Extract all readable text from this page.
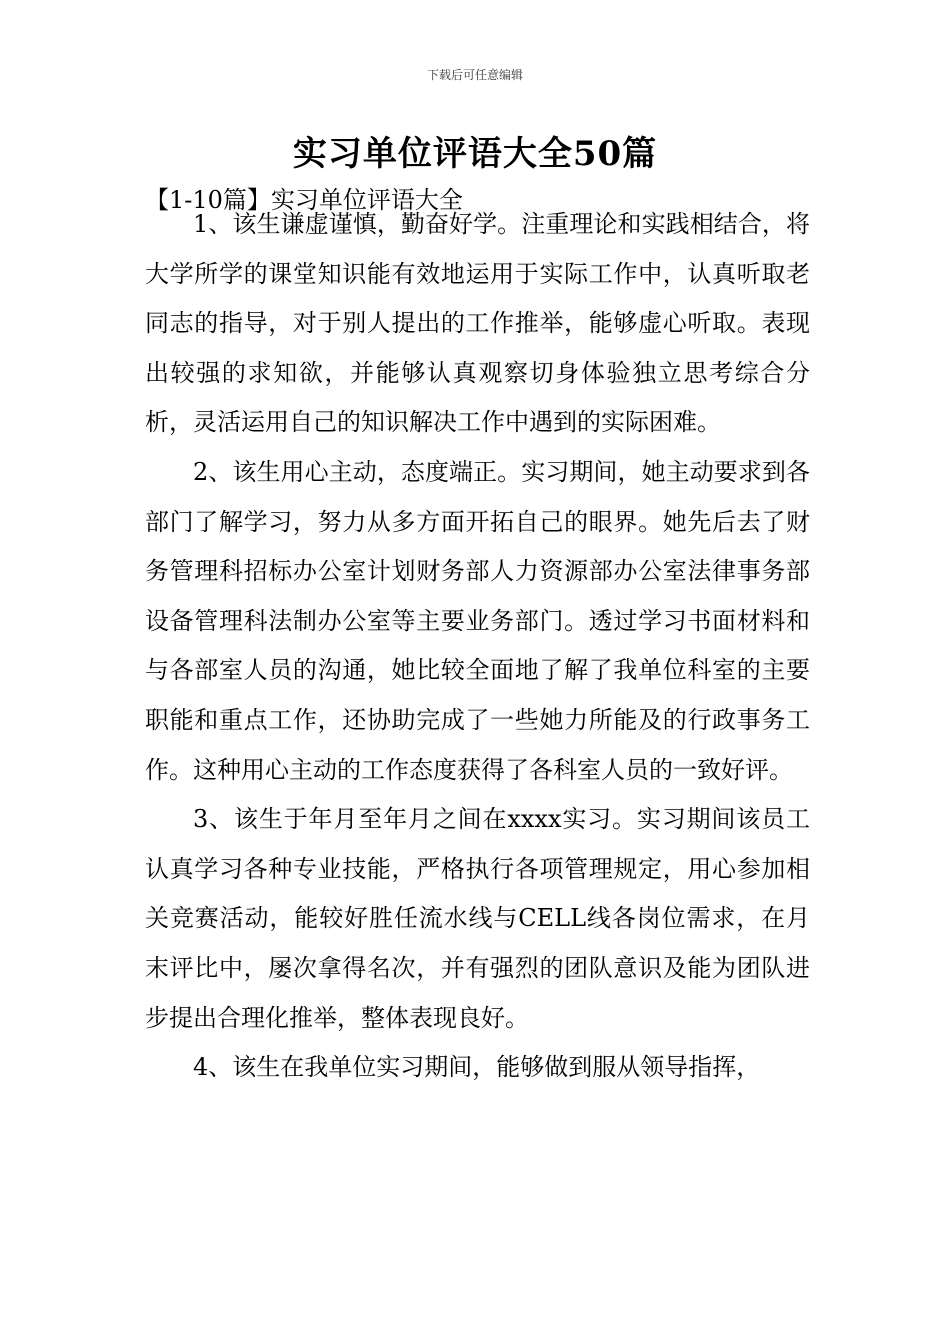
下载后可任意编辑
实习单位评语大全50篇
【1-10篇】实习单位评语大全

1、该生谦虚谨慎，勤奋好学。注重理论和实践相结合，将大学所学的课堂知识能有效地运用于实际工作中，认真听取老同志的指导，对于别人提出的工作推举，能够虚心听取。表现出较强的求知欲，并能够认真观察切身体验独立思考综合分析，灵活运用自己的知识解决工作中遇到的实际困难。

2、该生用心主动，态度端正。实习期间，她主动要求到各部门了解学习，努力从多方面开拓自己的眼界。她先后去了财务管理科招标办公室计划财务部人力资源部办公室法律事务部设备管理科法制办公室等主要业务部门。透过学习书面材料和与各部室人员的沟通，她比较全面地了解了我单位科室的主要职能和重点工作，还协助完成了一些她力所能及的行政事务工作。这种用心主动的工作态度获得了各科室人员的一致好评。

3、该生于年月至年月之间在xxxx实习。实习期间该员工认真学习各种专业技能，严格执行各项管理规定，用心参加相关竞赛活动，能较好胜任流水线与CELL线各岗位需求，在月末评比中，屡次拿得名次，并有强烈的团队意识及能为团队进步提出合理化推举，整体表现良好。

4、该生在我单位实习期间，能够做到服从领导指挥，
